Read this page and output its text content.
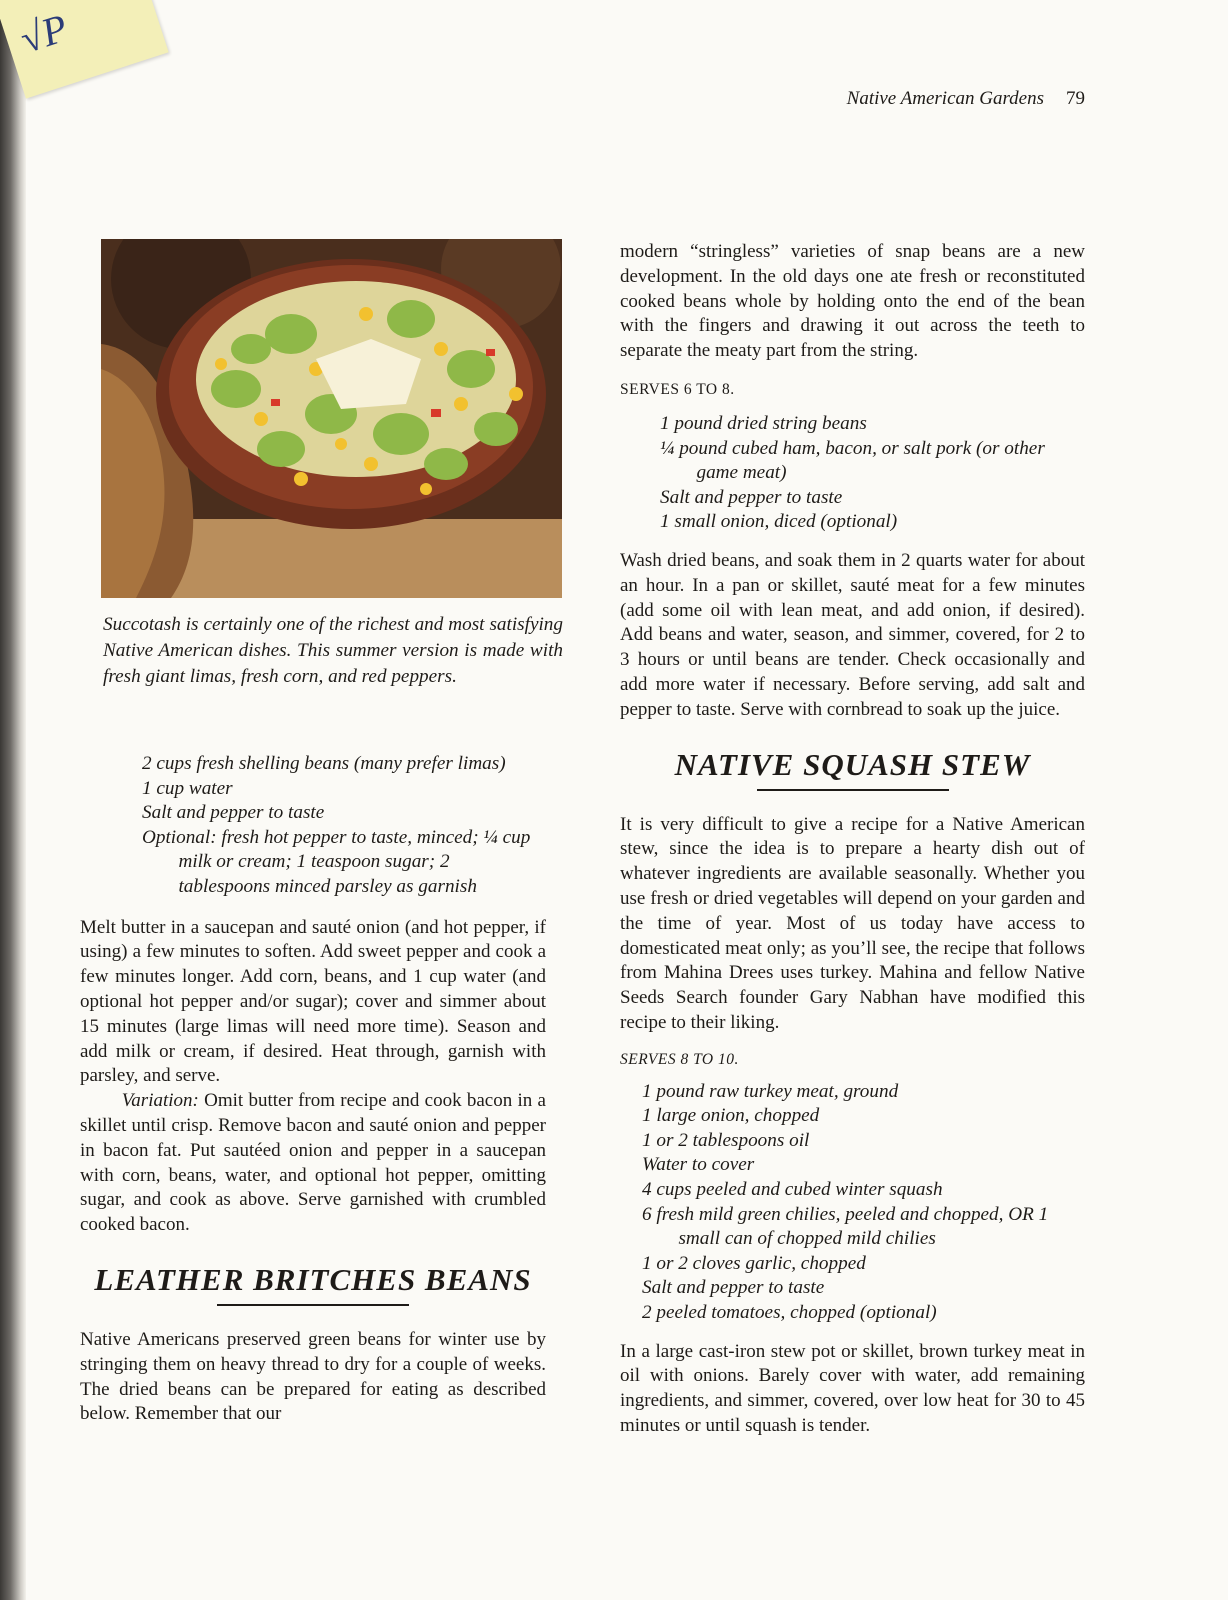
√P
Native American Gardens 79
Succotash is certainly one of the richest and most satisfying Native American dishes. This summer version is made with fresh giant limas, fresh corn, and red peppers.
2 cups fresh shelling beans (many prefer limas)
1 cup water
Salt and pepper to taste
Optional: fresh hot pepper to taste, minced; ¼ cup milk or cream; 1 teaspoon sugar; 2 tablespoons minced parsley as garnish

Melt butter in a saucepan and sauté onion (and hot pepper, if using) a few minutes to soften. Add sweet pepper and cook a few minutes longer. Add corn, beans, and 1 cup water (and optional hot pepper and/or sugar); cover and simmer about 15 minutes (large limas will need more time). Season and add milk or cream, if desired. Heat through, garnish with parsley, and serve.

Variation: Omit butter from recipe and cook bacon in a skillet until crisp. Remove bacon and sauté onion and pepper in bacon fat. Put sautéed onion and pepper in a saucepan with corn, beans, water, and optional hot pepper, omitting sugar, and cook as above. Serve garnished with crumbled cooked bacon.

LEATHER BRITCHES BEANS

Native Americans preserved green beans for winter use by stringing them on heavy thread to dry for a couple of weeks. The dried beans can be prepared for eating as described below. Remember that our

modern “stringless” varieties of snap beans are a new development. In the old days one ate fresh or reconstituted cooked beans whole by holding onto the end of the bean with the fingers and drawing it out across the teeth to separate the meaty part from the string.

SERVES 6 TO 8.
1 pound dried string beans
¼ pound cubed ham, bacon, or salt pork (or other game meat)
Salt and pepper to taste
1 small onion, diced (optional)

Wash dried beans, and soak them in 2 quarts water for about an hour. In a pan or skillet, sauté meat for a few minutes (add some oil with lean meat, and add onion, if desired). Add beans and water, season, and simmer, covered, for 2 to 3 hours or until beans are tender. Check occasionally and add more water if necessary. Before serving, add salt and pepper to taste. Serve with cornbread to soak up the juice.

NATIVE SQUASH STEW

It is very difficult to give a recipe for a Native American stew, since the idea is to prepare a hearty dish out of whatever ingredients are available seasonally. Whether you use fresh or dried vegetables will depend on your garden and the time of year. Most of us today have access to domesticated meat only; as you’ll see, the recipe that follows from Mahina Drees uses turkey. Mahina and fellow Native Seeds Search founder Gary Nabhan have modified this recipe to their liking.

SERVES 8 TO 10.
1 pound raw turkey meat, ground
1 large onion, chopped
1 or 2 tablespoons oil
Water to cover
4 cups peeled and cubed winter squash
6 fresh mild green chilies, peeled and chopped, OR 1 small can of chopped mild chilies
1 or 2 cloves garlic, chopped
Salt and pepper to taste
2 peeled tomatoes, chopped (optional)

In a large cast-iron stew pot or skillet, brown turkey meat in oil with onions. Barely cover with water, add remaining ingredients, and simmer, covered, over low heat for 30 to 45 minutes or until squash is tender.
